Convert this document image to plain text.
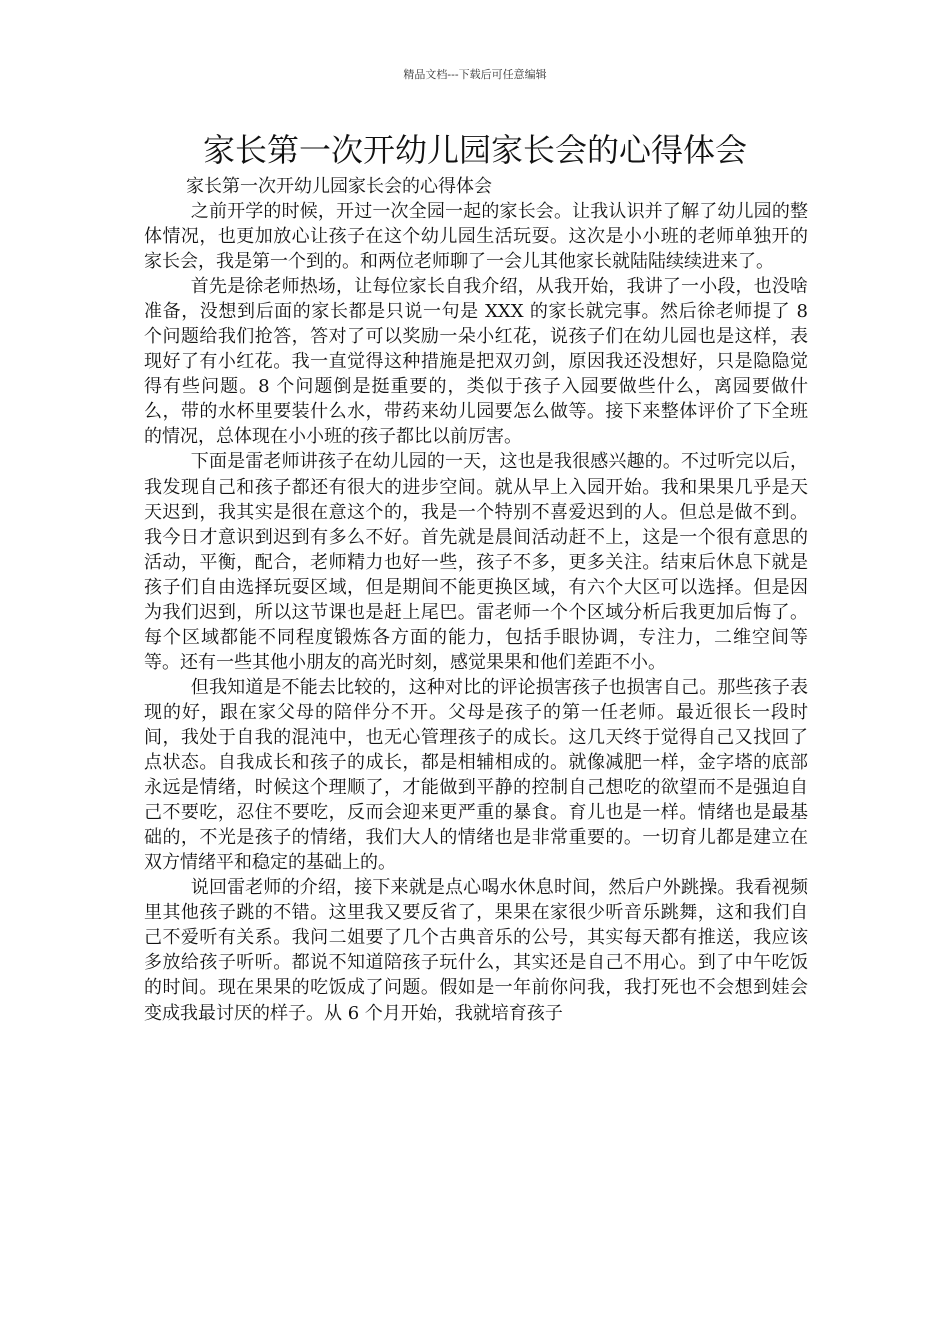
精品文档---下载后可任意编辑
家长第一次开幼儿园家长会的心得体会
家长第一次开幼儿园家长会的心得体会

之前开学的时候，开过一次全园一起的家长会。让我认识并了解了幼儿园的整体情况，也更加放心让孩子在这个幼儿园生活玩耍。这次是小小班的老师单独开的家长会，我是第一个到的。和两位老师聊了一会儿其他家长就陆陆续续进来了。

首先是徐老师热场，让每位家长自我介绍，从我开始，我讲了一小段，也没啥准备，没想到后面的家长都是只说一句是 XXX 的家长就完事。然后徐老师提了 8 个问题给我们抢答，答对了可以奖励一朵小红花，说孩子们在幼儿园也是这样，表现好了有小红花。我一直觉得这种措施是把双刃剑，原因我还没想好，只是隐隐觉得有些问题。8 个问题倒是挺重要的，类似于孩子入园要做些什么，离园要做什么，带的水杯里要装什么水，带药来幼儿园要怎么做等。接下来整体评价了下全班的情况，总体现在小小班的孩子都比以前厉害。

下面是雷老师讲孩子在幼儿园的一天，这也是我很感兴趣的。不过听完以后，我发现自己和孩子都还有很大的进步空间。就从早上入园开始。我和果果几乎是天天迟到，我其实是很在意这个的，我是一个特别不喜爱迟到的人。但总是做不到。我今日才意识到迟到有多么不好。首先就是晨间活动赶不上，这是一个很有意思的活动，平衡，配合，老师精力也好一些，孩子不多，更多关注。结束后休息下就是孩子们自由选择玩耍区域，但是期间不能更换区域，有六个大区可以选择。但是因为我们迟到，所以这节课也是赶上尾巴。雷老师一个个区域分析后我更加后悔了。每个区域都能不同程度锻炼各方面的能力，包括手眼协调，专注力，二维空间等等。还有一些其他小朋友的高光时刻，感觉果果和他们差距不小。

但我知道是不能去比较的，这种对比的评论损害孩子也损害自己。那些孩子表现的好，跟在家父母的陪伴分不开。父母是孩子的第一任老师。最近很长一段时间，我处于自我的混沌中，也无心管理孩子的成长。这几天终于觉得自己又找回了点状态。自我成长和孩子的成长，都是相辅相成的。就像减肥一样，金字塔的底部永远是情绪，时候这个理顺了，才能做到平静的控制自己想吃的欲望而不是强迫自己不要吃，忍住不要吃，反而会迎来更严重的暴食。育儿也是一样。情绪也是最基础的，不光是孩子的情绪，我们大人的情绪也是非常重要的。一切育儿都是建立在双方情绪平和稳定的基础上的。

说回雷老师的介绍，接下来就是点心喝水休息时间，然后户外跳操。我看视频里其他孩子跳的不错。这里我又要反省了，果果在家很少听音乐跳舞，这和我们自己不爱听有关系。我问二姐要了几个古典音乐的公号，其实每天都有推送，我应该多放给孩子听听。都说不知道陪孩子玩什么，其实还是自己不用心。到了中午吃饭的时间。现在果果的吃饭成了问题。假如是一年前你问我，我打死也不会想到娃会变成我最讨厌的样子。从 6 个月开始，我就培育孩子
